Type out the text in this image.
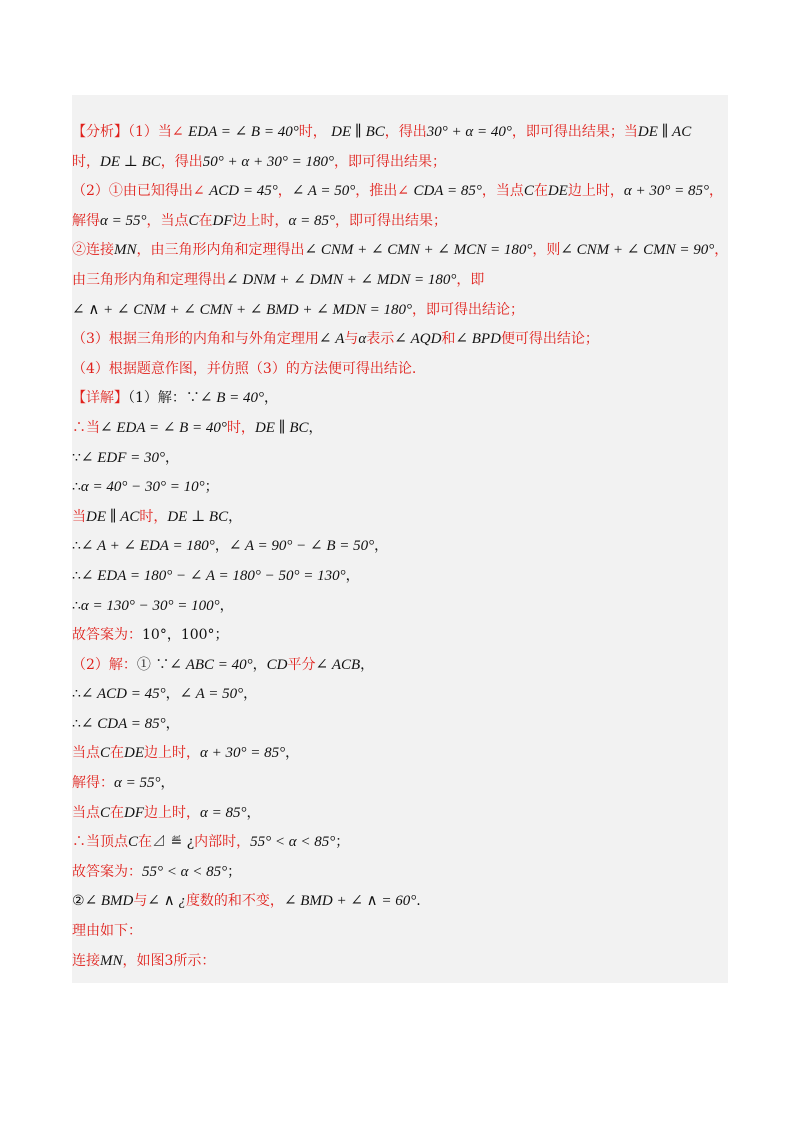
【分析】（1）当∠ EDA = ∠ B = 40°时， DE ∥ BC，得出30° + α = 40°，即可得出结果；当DE ∥ AC
时，DE ⊥ BC，得出50° + α + 30° = 180°，即可得出结果；
（2）①由已知得出∠ ACD = 45°，∠ A = 50°，推出∠ CDA = 85°，当点C在DE边上时，α + 30° = 85°，
解得α = 55°，当点C在DF边上时，α = 85°，即可得出结果；
②连接MN，由三角形内角和定理得出∠ CNM + ∠ CMN + ∠ MCN = 180°，则∠ CNM + ∠ CMN = 90°，
由三角形内角和定理得出∠ DNM + ∠ DMN + ∠ MDN = 180°，即
∠ ∧ + ∠ CNM + ∠ CMN + ∠ BMD + ∠ MDN = 180°，即可得出结论；
（3）根据三角形的内角和与外角定理用∠ A与α表示∠ AQD和∠ BPD便可得出结论；
（4）根据题意作图，并仿照（3）的方法便可得出结论.
【详解】（1）解：∵∠ B = 40°，
∴当∠ EDA = ∠ B = 40°时，DE ∥ BC，
∵∠ EDF = 30°，
∴α = 40° − 30° = 10°；
当DE ∥ AC时，DE ⊥ BC，
∴∠ A + ∠ EDA = 180°，∠ A = 90° − ∠ B = 50°，
∴∠ EDA = 180° − ∠ A = 180° − 50° = 130°，
∴α = 130° − 30° = 100°，
故答案为：10°，100°；
（2）解：① ∵∠ ABC = 40°，CD平分∠ ACB，
∴∠ ACD = 45°，∠ A = 50°，
∴∠ CDA = 85°，
当点C在DE边上时，α + 30° = 85°，
解得：α = 55°，
当点C在DF边上时，α = 85°，
∴当顶点C在⊿ ≝ ¿内部时，55° < α < 85°；
故答案为：55° < α < 85°；
②∠ BMD与∠ ∧ ¿度数的和不变，∠ BMD + ∠ ∧ = 60°.
理由如下：
连接MN，如图3所示：
